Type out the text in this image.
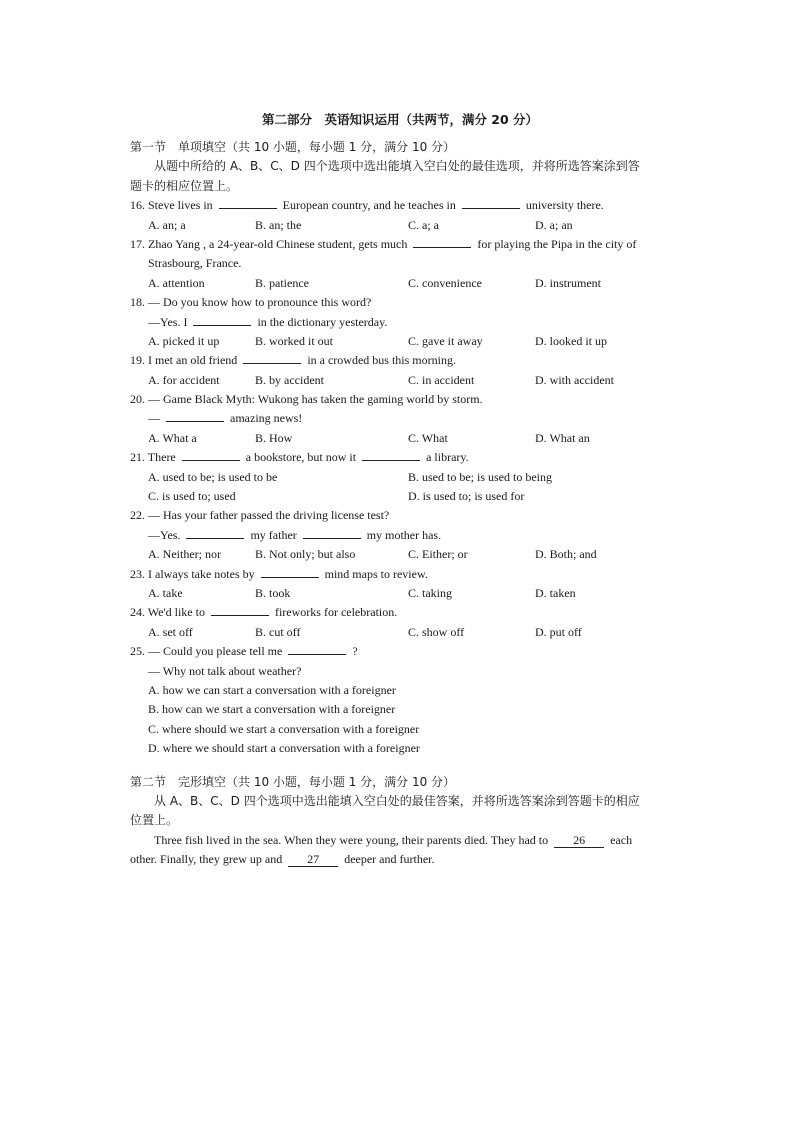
第二部分　英语知识运用（共两节，满分 20 分）
第一节　单项填空（共 10 小题，每小题 1 分，满分 10 分）
从题中所给的 A、B、C、D 四个选项中选出能填入空白处的最佳选项，并将所选答案涂到答
题卡的相应位置上。
16. Steve lives in	European country, and he teaches in	university there.
A. an; a	B. an; the	C. a; a	D. a; an
17. Zhao Yang , a 24-year-old Chinese student, gets much	for playing the Pipa in the city of
Strasbourg, France.
A. attention	B. patience	C. convenience	D. instrument
18. — Do you know how to pronounce this word?
—Yes. I	in the dictionary yesterday.
A. picked it up	B. worked it out	C. gave it away	D. looked it up
19. I met an old friend	in a crowded bus this morning.
A. for accident	B. by accident	C. in accident	D. with accident
20. — Game Black Myth: Wukong has taken the gaming world by storm.
—	amazing news!
A. What a	B. How	C. What	D. What an
21. There	a bookstore, but now it	a library.
A. used to be; is used to be	B. used to be; is used to being
C. is used to; used	D. is used to; is used for
22. — Has your father passed the driving license test?
—Yes.	my father	my mother has.
A. Neither; nor	B. Not only; but also	C. Either; or	D. Both; and
23. I always take notes by	mind maps to review.
A. take	B. took	C. taking	D. taken
24. We'd like to	fireworks for celebration.
A. set off	B. cut off	C. show off	D. put off
25. — Could you please tell me	?
— Why not talk about weather?
A. how we can start a conversation with a foreigner
B. how can we start a conversation with a foreigner
C. where should we start a conversation with a foreigner
D. where we should start a conversation with a foreigner
第二节　完形填空（共 10 小题，每小题 1 分，满分 10 分）
从 A、B、C、D 四个选项中选出能填入空白处的最佳答案，并将所选答案涂到答题卡的相应
位置上。
Three fish lived in the sea. When they were young, their parents died. They had to 26 each
other. Finally, they grew up and 27 deeper and further.
